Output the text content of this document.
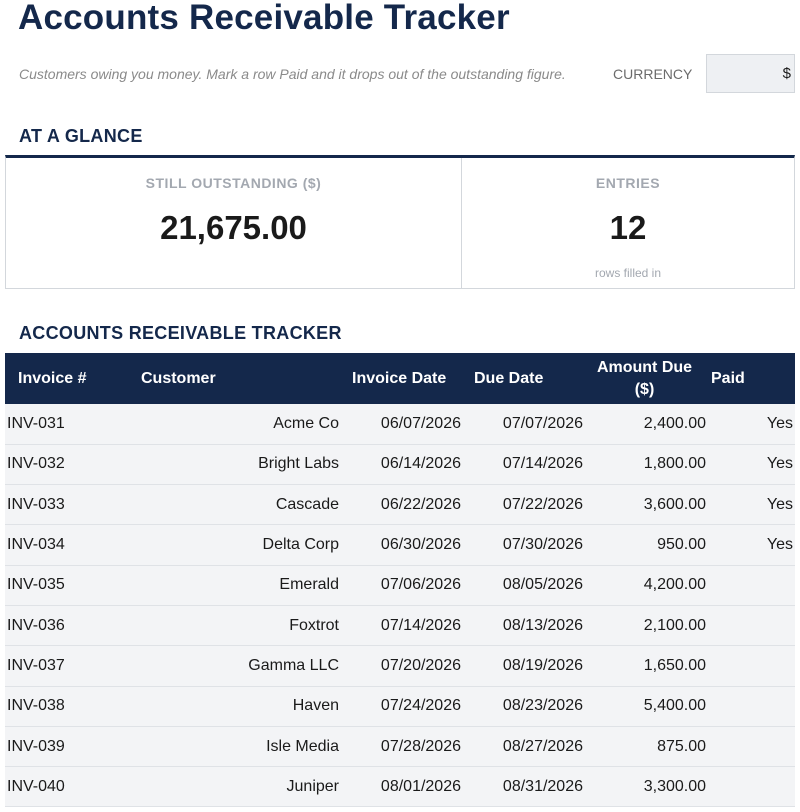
Accounts Receivable Tracker
Customers owing you money. Mark a row Paid and it drops out of the outstanding figure.	CURRENCY	$
AT A GLANCE
STILL OUTSTANDING ($)
21,675.00
ENTRIES
12
rows filled in
ACCOUNTS RECEIVABLE TRACKER
Invoice #	Customer	Invoice Date	Due Date	Amount Due ($)	Paid
INV-031	Acme Co	06/07/2026	07/07/2026	2,400.00	Yes
INV-032	Bright Labs	06/14/2026	07/14/2026	1,800.00	Yes
INV-033	Cascade	06/22/2026	07/22/2026	3,600.00	Yes
INV-034	Delta Corp	06/30/2026	07/30/2026	950.00	Yes
INV-035	Emerald	07/06/2026	08/05/2026	4,200.00	
INV-036	Foxtrot	07/14/2026	08/13/2026	2,100.00	
INV-037	Gamma LLC	07/20/2026	08/19/2026	1,650.00	
INV-038	Haven	07/24/2026	08/23/2026	5,400.00	
INV-039	Isle Media	07/28/2026	08/27/2026	875.00	
INV-040	Juniper	08/01/2026	08/31/2026	3,300.00	
